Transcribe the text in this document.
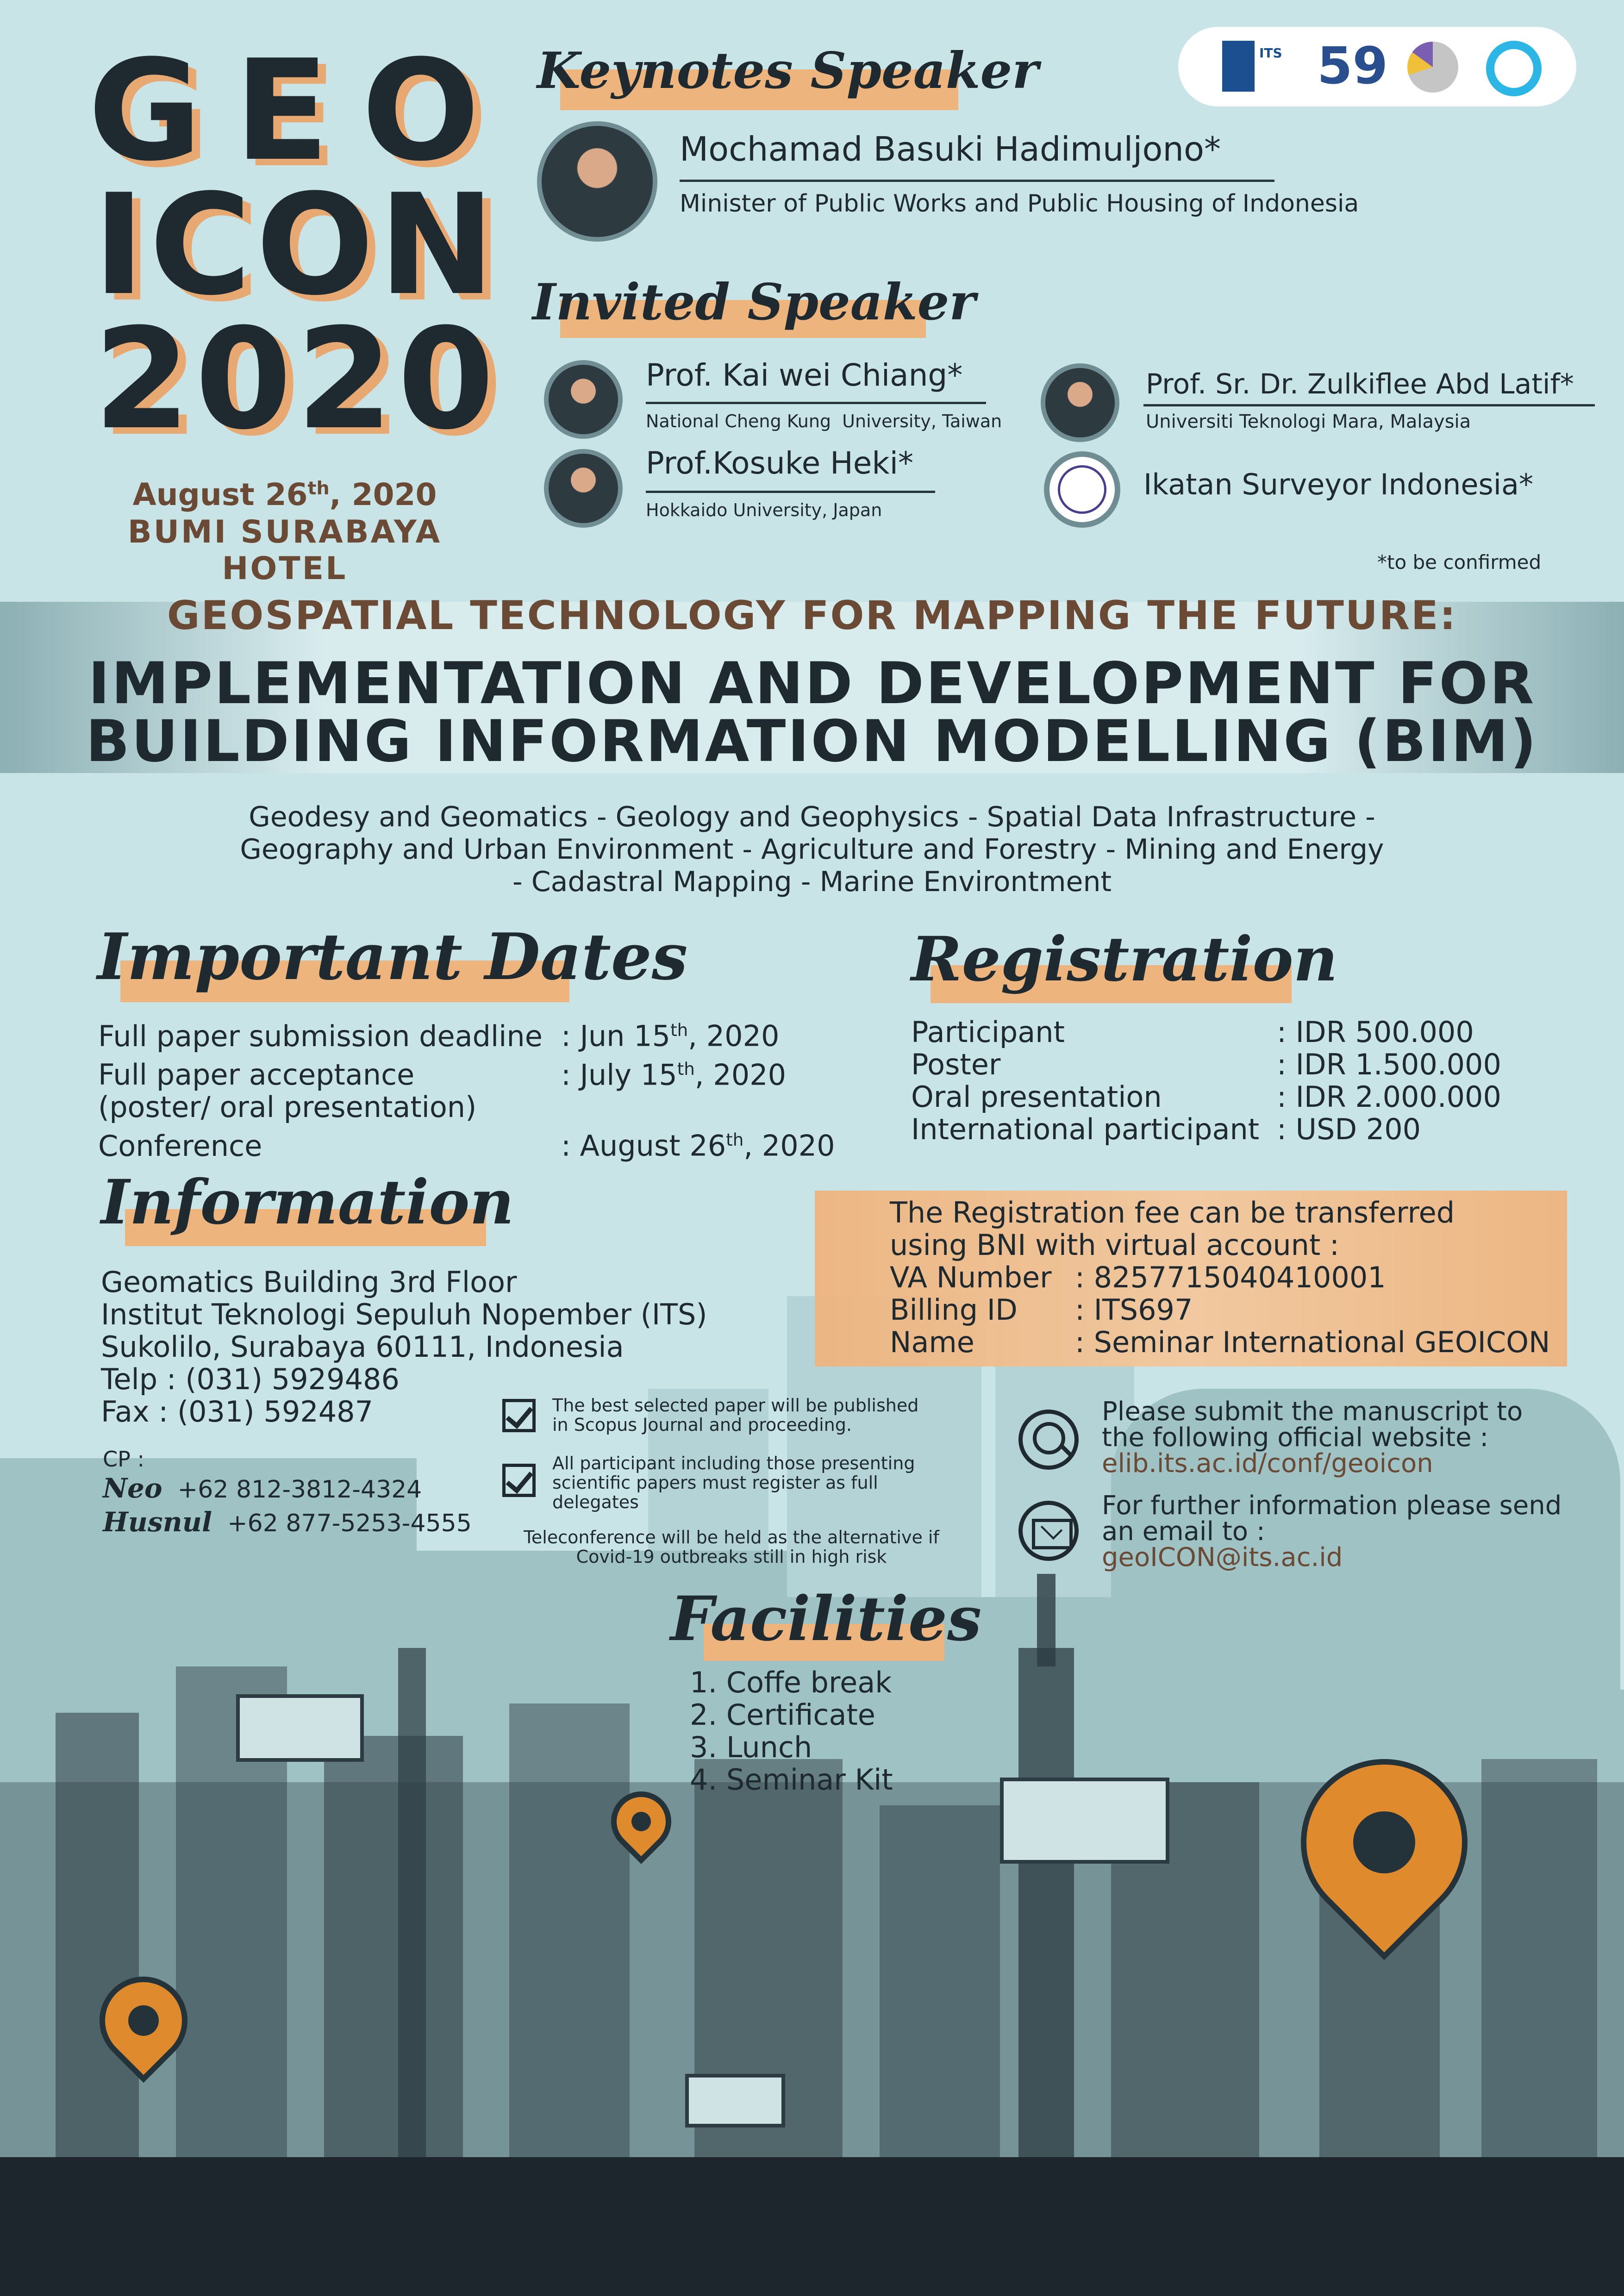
GEO
ICON
2020
August 26th, 2020
BUMI SURABAYA HOTEL
ITS 59
Keynotes Speaker
Mochamad Basuki Hadimuljono*
Minister of Public Works and Public Housing of Indonesia
Invited Speaker
Prof. Kai wei Chiang*
National Cheng Kung  University, Taiwan
Prof.Kosuke Heki*
Hokkaido University, Japan
Prof. Sr. Dr. Zulkiflee Abd Latif*
Universiti Teknologi Mara, Malaysia
Ikatan Surveyor Indonesia*
*to be confirmed
GEOSPATIAL TECHNOLOGY FOR MAPPING THE FUTURE:
IMPLEMENTATION AND DEVELOPMENT FOR
BUILDING INFORMATION MODELLING (BIM)
Geodesy and Geomatics - Geology and Geophysics - Spatial Data Infrastructure -
Geography and Urban Environment - Agriculture and Forestry - Mining and Energy
- Cadastral Mapping - Marine Environtment
Important Dates
Full paper submission deadline : Jun 15th, 2020
Full paper acceptance	: July 15th, 2020
(poster/ oral presentation)
Conference	: August 26th, 2020
Registration
Participant	: IDR 500.000
Poster	: IDR 1.500.000
Oral presentation	: IDR 2.000.000
International participant : USD 200
The Registration fee can be transferred
using BNI with virtual account :
VA Number : 8257715040410001
Billing ID : ITS697
Name	: Seminar International GEOICON
Information
Geomatics Building 3rd Floor
Institut Teknologi Sepuluh Nopember (ITS)
Sukolilo, Surabaya 60111, Indonesia
Telp : (031) 5929486
Fax : (031) 592487
CP :
Neo +62 812-3812-4324
Husnul +62 877-5253-4555
The best selected paper will be published
in Scopus Journal and proceeding.
All participant including those presenting
scientific papers must register as full
delegates
Teleconference will be held as the alternative if
Covid-19 outbreaks still in high risk
Please submit the manuscript to
the following official website :
elib.its.ac.id/conf/geoicon
For further information please send
an email to :
geoICON@its.ac.id
Facilities
1. Coffe break
2. Certificate
3. Lunch
4. Seminar Kit
